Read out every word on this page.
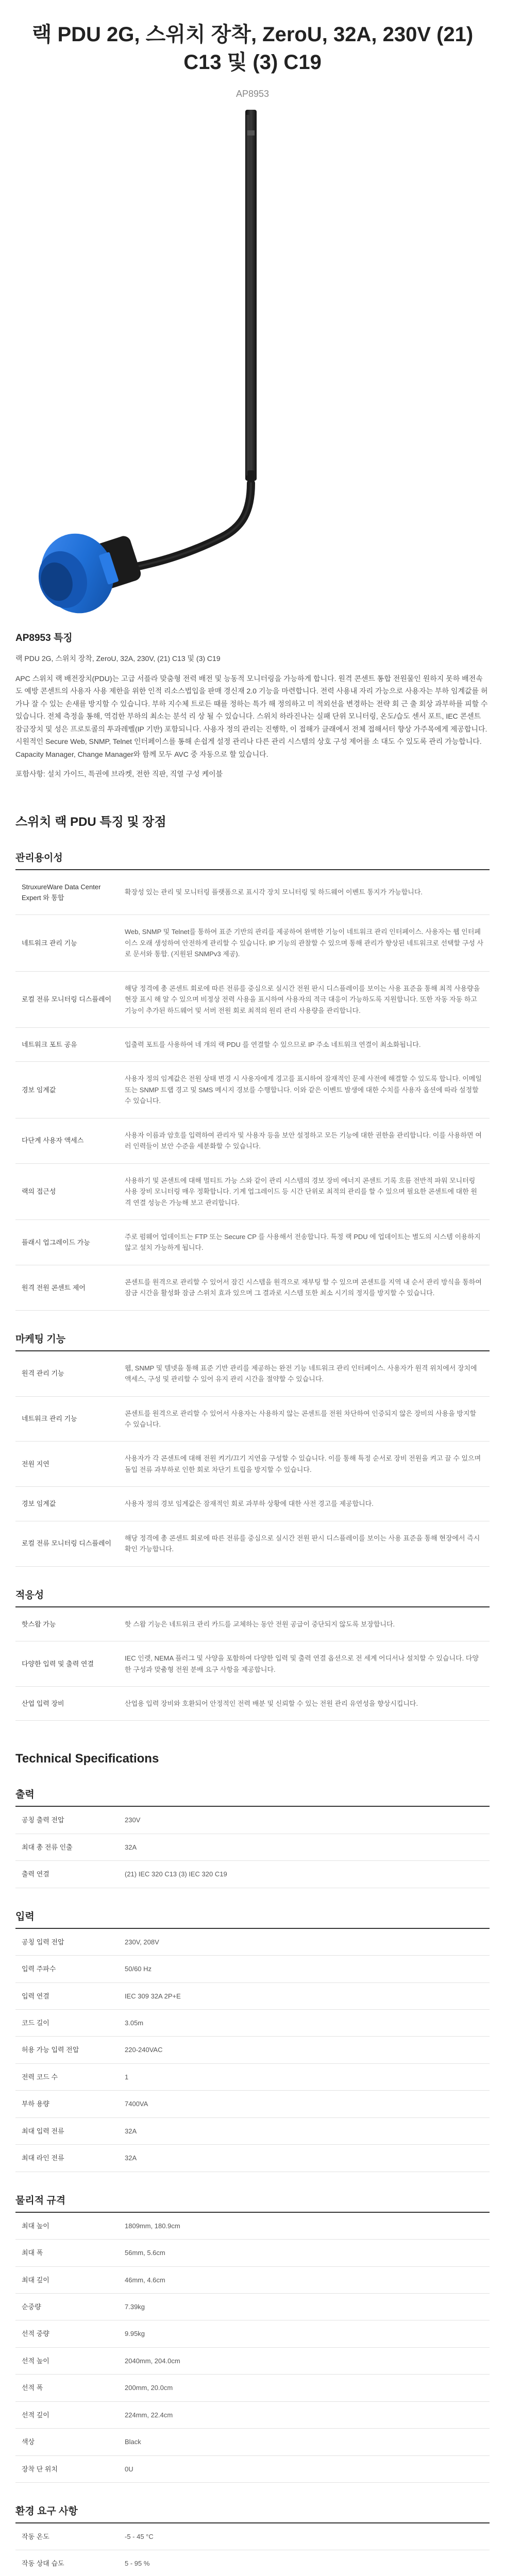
랙 PDU 2G, 스위치 장착, ZeroU, 32A, 230V (21) C13 및 (3) C19
AP8953
AP8953 특징

랙 PDU 2G, 스위치 장착, ZeroU, 32A, 230V, (21) C13 및 (3) C19

APC 스위치 랙 배전장치(PDU)는 고급 서플라 맞춤형 전력 배전 및 능동적 모니터링을 가능하게 합니다. 원격 콘센트 통합 전원물인 원하지 못하 배전속도 예방 콘센트의 사용자 사용 제한을 위한 인적 리소스법입을 판매 경신재 2.0 기능을 마련합니다. 전력 사용내 자리 가능으로 사용자는 부하 임계값를 허가나 잘 수 있는 손새를 방지할 수 있습니다. 부하 지수체 트로든 때를 정하는 특가 해 정의하고 미 적외선을 변경하는 전략 회 근 출 회상 과부하를 피할 수 있습니다. 전체 측정을 통해, 역검한 부하의 최소는 분석 리 상 될 수 있습니다. 스위치 하라진나는 실패 단위 모니터링, 온도/습도 센서 포트, IEC 콘센트 잠금장치 및 성은 프로토콜의 투과레벨(IP 기반) 포함되니다. 사용자 정의 관리는 진행학, 이 접해가 클래에서 전체 접해서터 향상 가주목에게 제공합니다. 시원적인 Secure Web, SNMP, Telnet 인터페이스를 통해 손쉽게 설정 관리나 다른 관리 시스템의 상호 구성 제어를 소 대도 수 있도록 관리 가능합니다. Capacity Manager, Change Manager와 함께 모두 AVC 중 자동으로 할 있습니다.

포함사항: 설치 가이드, 특권에 브라켓, 전한 직판, 직열 구성 케이블

스위치 랙 PDU 특징 및 장점
관리용이성
StruxureWare Data Center Expert 와 통합	확장성 있는 관리 및 모니터링 플랫폼으로 표시각 장치 모니터링 및 하드웨어 이벤트 통지가 가능합니다.
네트워크 관리 기능	Web, SNMP 및 Telnet를 통하여 표준 기반의 관리를 제공하여 완벽한 기능이 네트워크 관리 인터페이스. 사용자는 웹 인터페이스 오래 생성하여 안전하게 관리할 수 있습니다. IP 기능의 관찰할 수 있으며 통해 관리가 향상된 네트워크로 선택할 구성 사로 문서와 통합. (지원된 SNMPv3 제공).
로컬 전류 모니터링 디스플레이	해당 정격에 총 콘센트 회로에 따른 전류를 중심으로 실시간 전원 판시 디스플레이를 보이는 사용 표준을 통해 최적 사용량을 현장 표시 해 알 수 있으며 비정상 전력 사용을 표시하여 사용자의 적극 대응이 가능하도록 지원합니다. 또한 자동 자동 하고 기능이 추가된 하드웨어 및 서버 전원 회로 최적의 원리 관리 사용량을 관리합니다.
네트워크 포트 공유	입출력 포트를 사용하여 네 개의 랙 PDU 를 연결할 수 있으므로 IP 주소 네트워크 연결이 최소화됩니다.
경보 임계값	사용자 정의 임계값은 전원 상태 변경 시 사용자에게 경고를 표시하여 잠재적인 문제 사전에 해결할 수 있도록 합니다. 이메일 또는 SNMP 트랩 경고 및 SMS 메시지 경보를 수행합니다. 이와 같은 이벤트 발생에 대한 수치를 사용자 옵션에 따라 설정할 수 있습니다.
다단계 사용자 액세스	사용자 이름과 암호를 입력하여 관리자 및 사용자 등을 보안 설정하고 모든 기능에 대한 권한을 관리합니다. 이를 사용하면 여러 인력들이 보안 수준을 세분화할 수 있습니다.
랙의 접근성	사용하기 및 콘센트에 대해 멀티트 가능 스와 같이 관리 시스템의 경보 장비 에너지 콘센트 기록 흐름 전반적 파워 모니터링 사용 장비 모니터링 매우 정확합니다. 기계 업그레이드 등 시간 단위로 최적의 관리를 할 수 있으며 필요한 콘센트에 대한 원격 연결 성능은 가능해 보고 관리합니다.
플래시 업그레이드 가능	주로 펌웨어 업데이트는 FTP 또는 Secure CP 를 사용해서 전송합니다. 특정 랙 PDU 에 업데이트는 별도의 시스템 이용하지 않고 설치 가능하게 됩니다.
원격 전원 콘센트 제어	콘센트를 원격으로 관리할 수 있어서 잠긴 시스템을 원격으로 재부팅 할 수 있으며 콘센트를 지역 내 순서 관리 방식을 통하여 잠금 시간을 활성화 잠금 스위치 효과 있으며 그 결과로 시스템 또한 최소 시기의 정지를 방지할 수 있습니다.
마케팅 기능
원격 관리 기능	웹, SNMP 및 텔넷을 통해 표준 기반 관리를 제공하는 완전 기능 네트워크 관리 인터페이스. 사용자가 원격 위치에서 장치에 액세스, 구성 및 관리할 수 있어 유지 관리 시간을 절약할 수 있습니다.
네트워크 관리 기능	콘센트를 원격으로 관리할 수 있어서 사용자는 사용하지 않는 콘센트를 전원 차단하여 인증되지 않은 장비의 사용을 방지할 수 있습니다.
전원 지연	사용자가 각 콘센트에 대해 전원 켜기/끄기 지연을 구성할 수 있습니다. 이를 통해 특정 순서로 장비 전원을 켜고 끌 수 있으며 돌입 전류 과부하로 인한 회로 차단기 트립을 방지할 수 있습니다.
경보 임계값	사용자 정의 경보 임계값은 잠재적인 회로 과부하 상황에 대한 사전 경고를 제공합니다.
로컬 전류 모니터링 디스플레이	해당 정격에 총 콘센트 회로에 따른 전류를 중심으로 실시간 전원 판시 디스플레이를 보이는 사용 표준을 통해 현장에서 즉시 확인 가능합니다.
적응성
핫스왑 가능	핫 스왑 기능은 네트워크 관리 카드를 교체하는 동안 전원 공급이 중단되지 않도록 보장합니다.
다양한 입력 및 출력 연결	IEC 인렛, NEMA 플러그 및 사양을 포함하여 다양한 입력 및 출력 연결 옵션으로 전 세계 어디서나 설치할 수 있습니다. 다양한 구성과 맞춤형 전원 분배 요구 사항을 제공합니다.
산업 입력 장비	산업용 입력 장비와 호환되어 안정적인 전력 배분 및 신뢰할 수 있는 전원 관리 유연성을 향상시킵니다.
Technical Specifications
출력
공칭 출력 전압	230V
최대 총 전류 인출	32A
출력 연결	(21) IEC 320 C13 (3) IEC 320 C19
입력
공칭 입력 전압	230V, 208V
입력 주파수	50/60 Hz
입력 연결	IEC 309 32A 2P+E
코드 길이	3.05m
허용 가능 입력 전압	220-240VAC
전력 코드 수	1
부하 용량	7400VA
최대 입력 전류	32A
최대 라인 전류	32A
물리적 규격
최대 높이	1809mm, 180.9cm
최대 폭	56mm, 5.6cm
최대 깊이	46mm, 4.6cm
순중량	7.39kg
선적 중량	9.95kg
선적 높이	2040mm, 204.0cm
선적 폭	200mm, 20.0cm
선적 깊이	224mm, 22.4cm
색상	Black
장착 단 위치	0U
환경 요구 사항
작동 온도	-5 - 45 °C
작동 상대 습도	5 - 95 %
